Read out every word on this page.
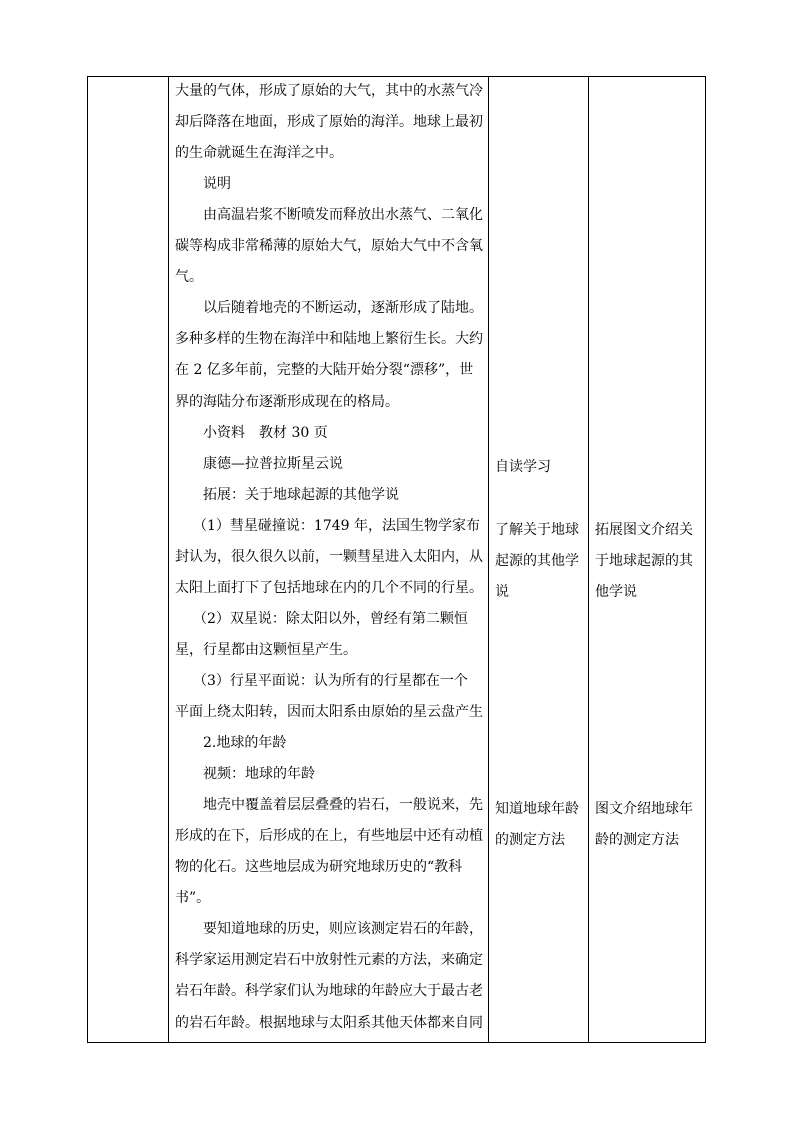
大量的气体，形成了原始的大气，其中的水蒸气冷
却后降落在地面，形成了原始的海洋。地球上最初
的生命就诞生在海洋之中。
说明
由高温岩浆不断喷发而释放出水蒸气、二氧化
碳等构成非常稀薄的原始大气，原始大气中不含氧
气。
以后随着地壳的不断运动，逐渐形成了陆地。
多种多样的生物在海洋中和陆地上繁衍生长。大约
在 2 亿多年前，完整的大陆开始分裂“漂移”，世
界的海陆分布逐渐形成现在的格局。
小资料　教材 30 页
康德—拉普拉斯星云说
拓展：关于地球起源的其他学说
（1）彗星碰撞说：1749 年，法国生物学家布
封认为，很久很久以前，一颗彗星进入太阳内，从
太阳上面打下了包括地球在内的几个不同的行星。
（2）双星说：除太阳以外，曾经有第二颗恒
星，行星都由这颗恒星产生。
（3）行星平面说：认为所有的行星都在一个
平面上绕太阳转，因而太阳系由原始的星云盘产生
2.地球的年龄
视频：地球的年龄
地壳中覆盖着层层叠叠的岩石，一般说来，先
形成的在下，后形成的在上，有些地层中还有动植
物的化石。这些地层成为研究地球历史的“教科
书”。
要知道地球的历史，则应该测定岩石的年龄，
科学家运用测定岩石中放射性元素的方法，来确定
岩石年龄。科学家们认为地球的年龄应大于最古老
的岩石年龄。根据地球与太阳系其他天体都来自同
自读学习
了解关于地球
起源的其他学
说
知道地球年龄
的测定方法
拓展图文介绍关
于地球起源的其
他学说
图文介绍地球年
龄的测定方法
